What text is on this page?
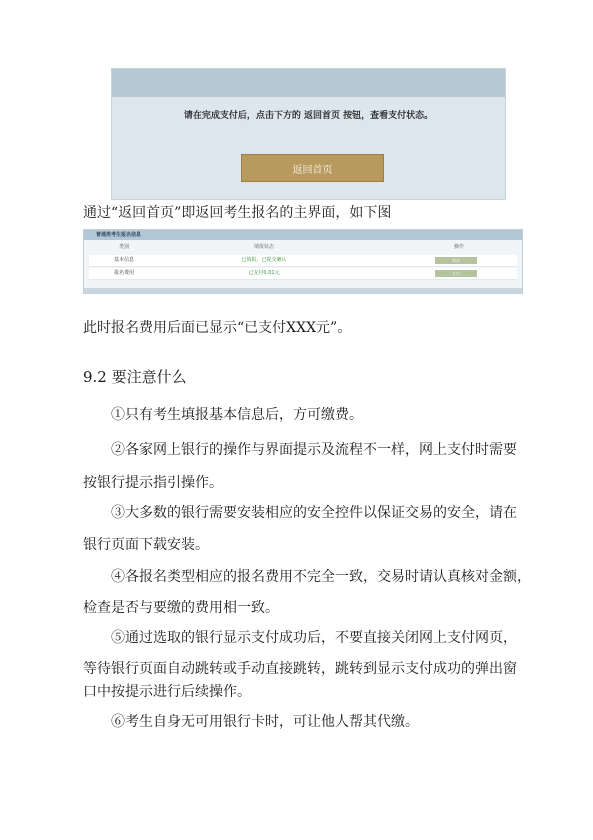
请在完成支付后，点击下方的 返回首页 按钮，查看支付状态。
返回首页
通过“返回首页”即返回考生报名的主界面，如下图
普通类考生报名信息
类别	填报状态	操作
基本信息	已填报，已提交确认	修改
报名费用	已支付0.01元	支付
此时报名费用后面已显示“已支付XXX元”。
9.2 要注意什么
①只有考生填报基本信息后，方可缴费。
②各家网上银行的操作与界面提示及流程不一样，网上支付时需要
按银行提示指引操作。
③大多数的银行需要安装相应的安全控件以保证交易的安全，请在
银行页面下载安装。
④各报名类型相应的报名费用不完全一致，交易时请认真核对金额，
检查是否与要缴的费用相一致。
⑤通过选取的银行显示支付成功后，不要直接关闭网上支付网页，
等待银行页面自动跳转或手动直接跳转，跳转到显示支付成功的弹出窗
口中按提示进行后续操作。
⑥考生自身无可用银行卡时，可让他人帮其代缴。
